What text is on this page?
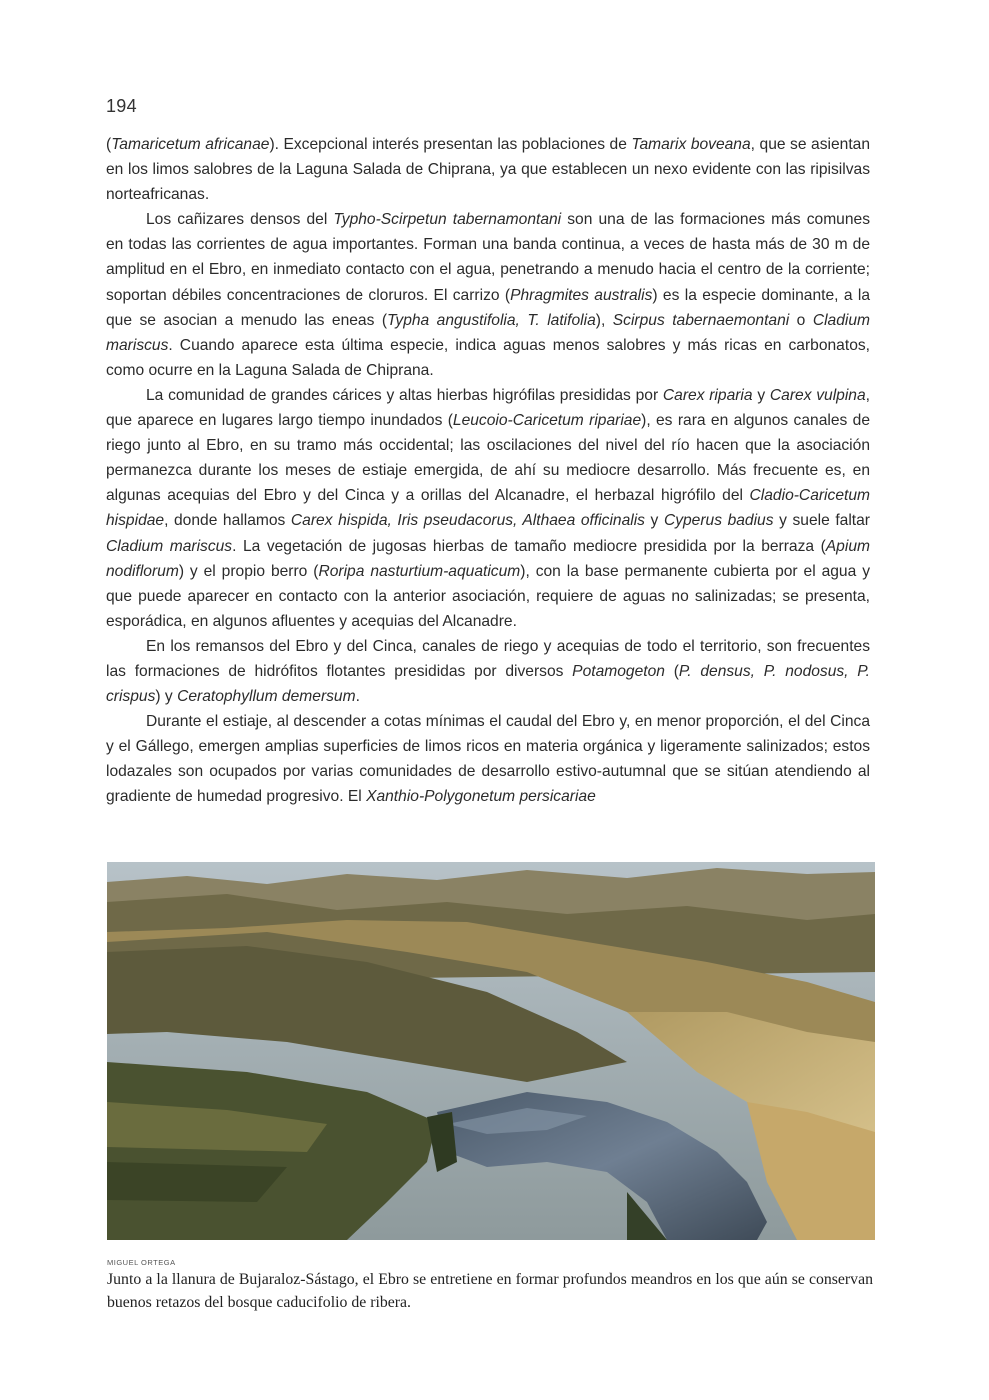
194

(Tamaricetum africanae). Excepcional interés presentan las poblaciones de Tamarix boveana, que se asientan en los limos salobres de la Laguna Salada de Chiprana, ya que establecen un nexo evidente con las ripisilvas norteafricanas.

Los cañizares densos del Typho-Scirpetun tabernamontani son una de las formaciones más comunes en todas las corrientes de agua importantes. Forman una banda continua, a veces de hasta más de 30 m de amplitud en el Ebro, en inmediato contacto con el agua, penetrando a menudo hacia el centro de la corriente; soportan débiles concentraciones de cloruros. El carrizo (Phragmites australis) es la especie dominante, a la que se asocian a menudo las eneas (Typha angustifolia, T. latifolia), Scirpus tabernaemontani o Cladium mariscus. Cuando aparece esta última especie, indica aguas menos salobres y más ricas en carbonatos, como ocurre en la Laguna Salada de Chiprana.

La comunidad de grandes cárices y altas hierbas higrófilas presididas por Carex riparia y Carex vulpina, que aparece en lugares largo tiempo inundados (Leucoio-Caricetum ripariae), es rara en algunos canales de riego junto al Ebro, en su tramo más occidental; las oscilaciones del nivel del río hacen que la asociación permanezca durante los meses de estiaje emergida, de ahí su mediocre desarrollo. Más frecuente es, en algunas acequias del Ebro y del Cinca y a orillas del Alcanadre, el herbazal higrófilo del Cladio-Caricetum hispidae, donde hallamos Carex hispida, Iris pseudacorus, Althaea officinalis y Cyperus badius y suele faltar Cladium mariscus. La vegetación de jugosas hierbas de tamaño mediocre presidida por la berraza (Apium nodiflorum) y el propio berro (Roripa nasturtium-aquaticum), con la base permanente cubierta por el agua y que puede aparecer en contacto con la anterior asociación, requiere de aguas no salinizadas; se presenta, esporádica, en algunos afluentes y acequias del Alcanadre.

En los remansos del Ebro y del Cinca, canales de riego y acequias de todo el territorio, son frecuentes las formaciones de hidrófitos flotantes presididas por diversos Potamogeton (P. densus, P. nodosus, P. crispus) y Ceratophyllum demersum.

Durante el estiaje, al descender a cotas mínimas el caudal del Ebro y, en menor proporción, el del Cinca y el Gállego, emergen amplias superficies de limos ricos en materia orgánica y ligeramente salinizados; estos lodazales son ocupados por varias comunidades de desarrollo estivo-autumnal que se sitúan atendiendo al gradiente de humedad progresivo. El Xanthio-Polygonetum persicariae

MIGUEL ORTEGA
Junto a la llanura de Bujaraloz-Sástago, el Ebro se entretiene en formar profundos meandros en los que aún se conservan buenos retazos del bosque caducifolio de ribera.
